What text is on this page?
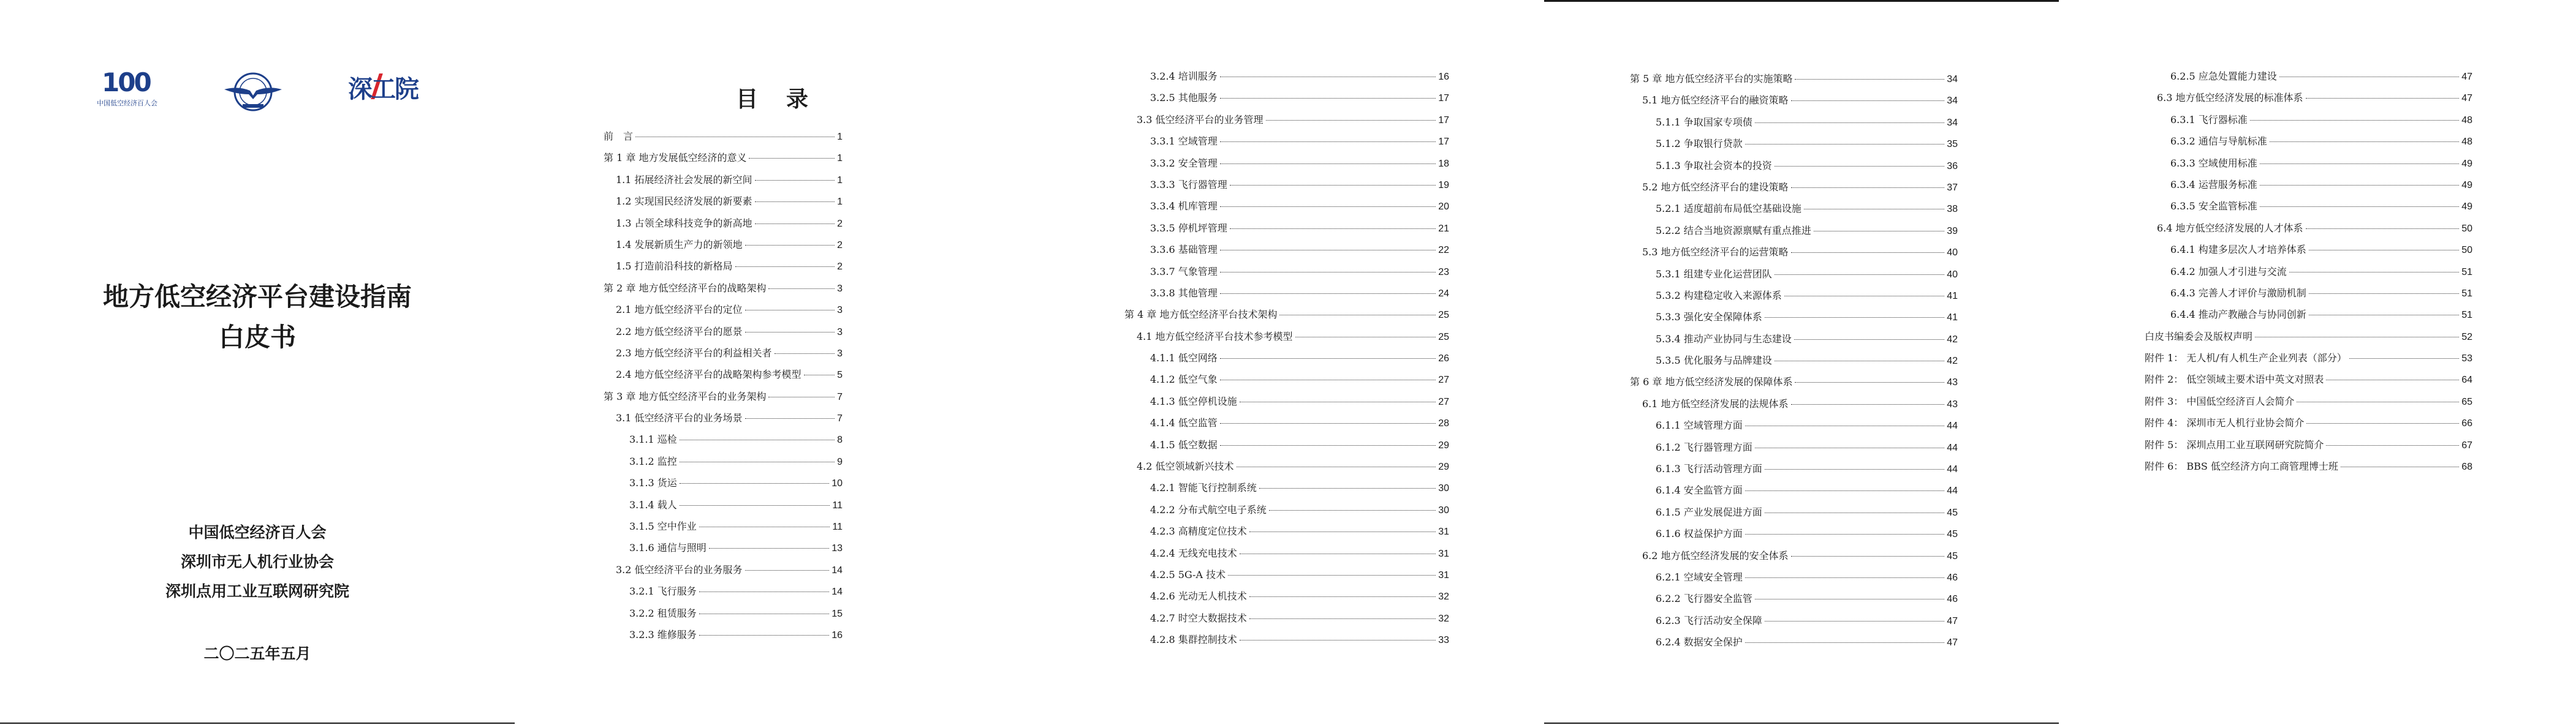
100
中国低空经济百人会	深工院
地方低空经济平台建设指南
白皮书
中国低空经济百人会
深圳市无人机行业协会
深圳点用工业互联网研究院
二〇二五年五月
目录
前　言	1
第 1 章 地方发展低空经济的意义	1
1.1 拓展经济社会发展的新空间	1
1.2 实现国民经济发展的新要素	1
1.3 占领全球科技竞争的新高地	2
1.4 发展新质生产力的新领地	2
1.5 打造前沿科技的新格局	2
第 2 章 地方低空经济平台的战略架构	3
2.1 地方低空经济平台的定位	3
2.2 地方低空经济平台的愿景	3
2.3 地方低空经济平台的利益相关者	3
2.4 地方低空经济平台的战略架构参考模型	5
第 3 章 地方低空经济平台的业务架构	7
3.1 低空经济平台的业务场景	7
3.1.1 巡检	8
3.1.2 监控	9
3.1.3 货运	10
3.1.4 载人	11
3.1.5 空中作业	11
3.1.6 通信与照明	13
3.2 低空经济平台的业务服务	14
3.2.1 飞行服务	14
3.2.2 租赁服务	15
3.2.3 维修服务	16
3.2.4 培训服务	16
3.2.5 其他服务	17
3.3 低空经济平台的业务管理	17
3.3.1 空域管理	17
3.3.2 安全管理	18
3.3.3 飞行器管理	19
3.3.4 机库管理	20
3.3.5 停机坪管理	21
3.3.6 基础管理	22
3.3.7 气象管理	23
3.3.8 其他管理	24
第 4 章 地方低空经济平台技术架构	25
4.1 地方低空经济平台技术参考模型	25
4.1.1 低空网络	26
4.1.2 低空气象	27
4.1.3 低空停机设施	27
4.1.4 低空监管	28
4.1.5 低空数据	29
4.2 低空领域新兴技术	29
4.2.1 智能飞行控制系统	30
4.2.2 分布式航空电子系统	30
4.2.3 高精度定位技术	31
4.2.4 无线充电技术	31
4.2.5 5G-A 技术	31
4.2.6 光动无人机技术	32
4.2.7 时空大数据技术	32
4.2.8 集群控制技术	33
第 5 章 地方低空经济平台的实施策略	34
5.1 地方低空经济平台的融资策略	34
5.1.1 争取国家专项债	34
5.1.2 争取银行贷款	35
5.1.3 争取社会资本的投资	36
5.2 地方低空经济平台的建设策略	37
5.2.1 适度超前布局低空基础设施	38
5.2.2 结合当地资源禀赋有重点推进	39
5.3 地方低空经济平台的运营策略	40
5.3.1 组建专业化运营团队	40
5.3.2 构建稳定收入来源体系	41
5.3.3 强化安全保障体系	41
5.3.4 推动产业协同与生态建设	42
5.3.5 优化服务与品牌建设	42
第 6 章 地方低空经济发展的保障体系	43
6.1 地方低空经济发展的法规体系	43
6.1.1 空域管理方面	44
6.1.2 飞行器管理方面	44
6.1.3 飞行活动管理方面	44
6.1.4 安全监管方面	44
6.1.5 产业发展促进方面	45
6.1.6 权益保护方面	45
6.2 地方低空经济发展的安全体系	45
6.2.1 空域安全管理	46
6.2.2 飞行器安全监管	46
6.2.3 飞行活动安全保障	47
6.2.4 数据安全保护	47
6.2.5 应急处置能力建设	47
6.3 地方低空经济发展的标准体系	47
6.3.1 飞行器标准	48
6.3.2 通信与导航标准	48
6.3.3 空域使用标准	49
6.3.4 运营服务标准	49
6.3.5 安全监管标准	49
6.4 地方低空经济发展的人才体系	50
6.4.1 构建多层次人才培养体系	50
6.4.2 加强人才引进与交流	51
6.4.3 完善人才评价与激励机制	51
6.4.4 推动产教融合与协同创新	51
白皮书编委会及版权声明	52
附件 1： 无人机/有人机生产企业列表（部分）	53
附件 2： 低空领域主要术语中英文对照表	64
附件 3： 中国低空经济百人会简介	65
附件 4： 深圳市无人机行业协会简介	66
附件 5： 深圳点用工业互联网研究院简介	67
附件 6： BBS 低空经济方向工商管理博士班	68
